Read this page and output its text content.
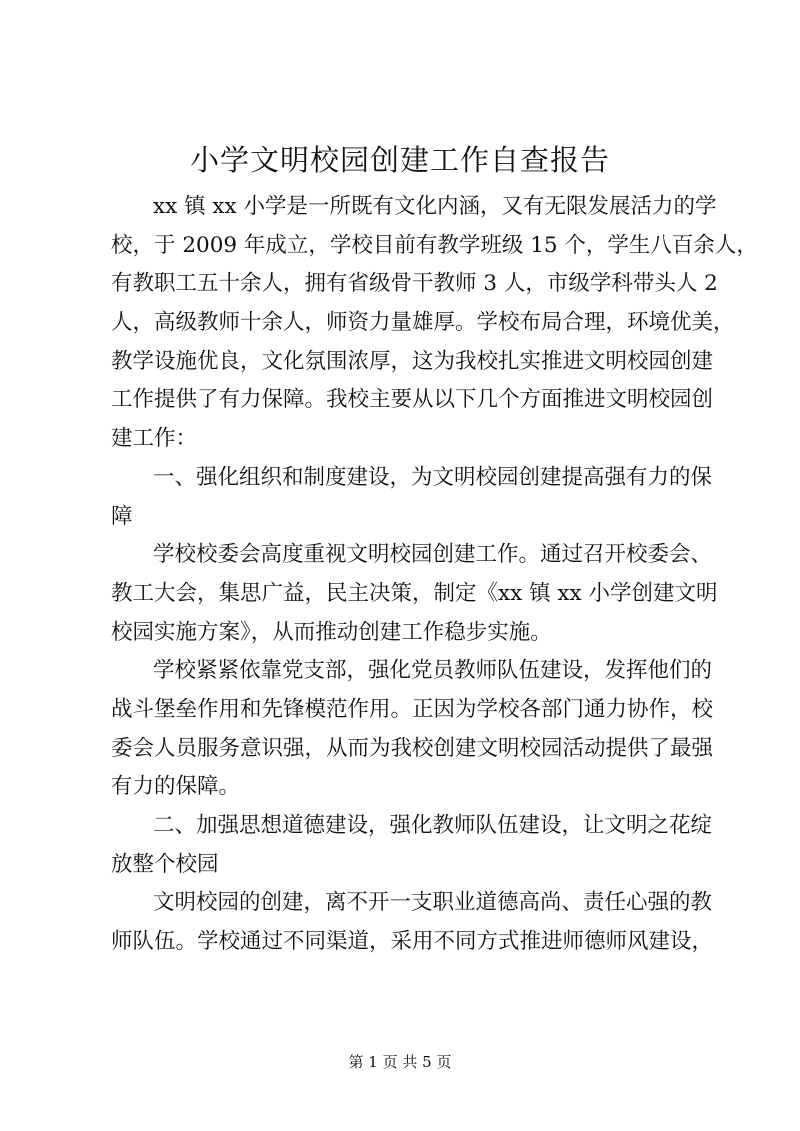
小学文明校园创建工作自查报告
xx 镇 xx 小学是一所既有文化内涵，又有无限发展活力的学
校，于 2009 年成立，学校目前有教学班级 15 个，学生八百余人，
有教职工五十余人，拥有省级骨干教师 3 人，市级学科带头人 2
人，高级教师十余人，师资力量雄厚。学校布局合理，环境优美，
教学设施优良，文化氛围浓厚，这为我校扎实推进文明校园创建
工作提供了有力保障。我校主要从以下几个方面推进文明校园创
建工作：
一、强化组织和制度建设，为文明校园创建提高强有力的保
障
学校校委会高度重视文明校园创建工作。通过召开校委会、
教工大会，集思广益，民主决策，制定《xx 镇 xx 小学创建文明
校园实施方案》，从而推动创建工作稳步实施。
学校紧紧依靠党支部，强化党员教师队伍建设，发挥他们的
战斗堡垒作用和先锋模范作用。正因为学校各部门通力协作，校
委会人员服务意识强，从而为我校创建文明校园活动提供了最强
有力的保障。
二、加强思想道德建设，强化教师队伍建设，让文明之花绽
放整个校园
文明校园的创建，离不开一支职业道德高尚、责任心强的教
师队伍。学校通过不同渠道，采用不同方式推进师德师风建设，
第 1 页 共 5 页
